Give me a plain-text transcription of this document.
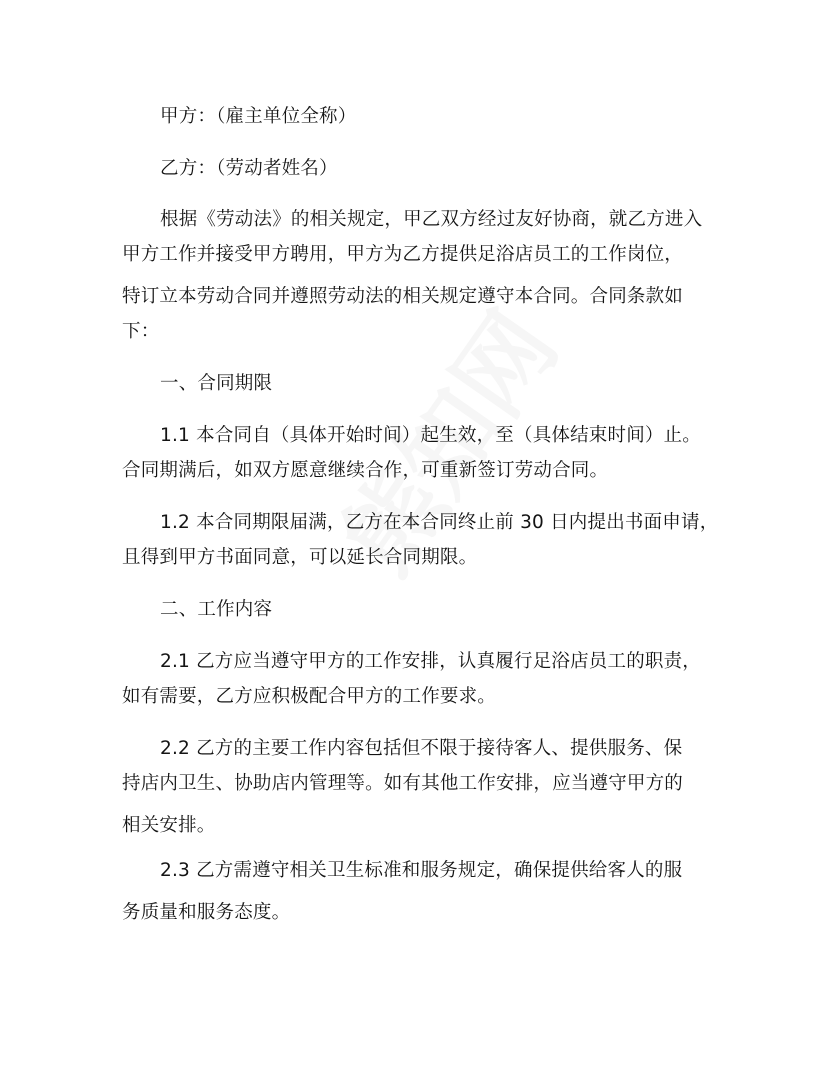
甲方：（雇主单位全称）
乙方：（劳动者姓名）
根据《劳动法》的相关规定，甲乙双方经过友好协商，就乙方进入
甲方工作并接受甲方聘用，甲方为乙方提供足浴店员工的工作岗位，
特订立本劳动合同并遵照劳动法的相关规定遵守本合同。合同条款如
下：
一、合同期限
1.1 本合同自（具体开始时间）起生效，至（具体结束时间）止。
合同期满后，如双方愿意继续合作，可重新签订劳动合同。
1.2 本合同期限届满，乙方在本合同终止前 30 日内提出书面申请，
且得到甲方书面同意，可以延长合同期限。
二、工作内容
2.1 乙方应当遵守甲方的工作安排，认真履行足浴店员工的职责，
如有需要，乙方应积极配合甲方的工作要求。
2.2 乙方的主要工作内容包括但不限于接待客人、提供服务、保
持店内卫生、协助店内管理等。如有其他工作安排，应当遵守甲方的
相关安排。
2.3 乙方需遵守相关卫生标准和服务规定，确保提供给客人的服
务质量和服务态度。
